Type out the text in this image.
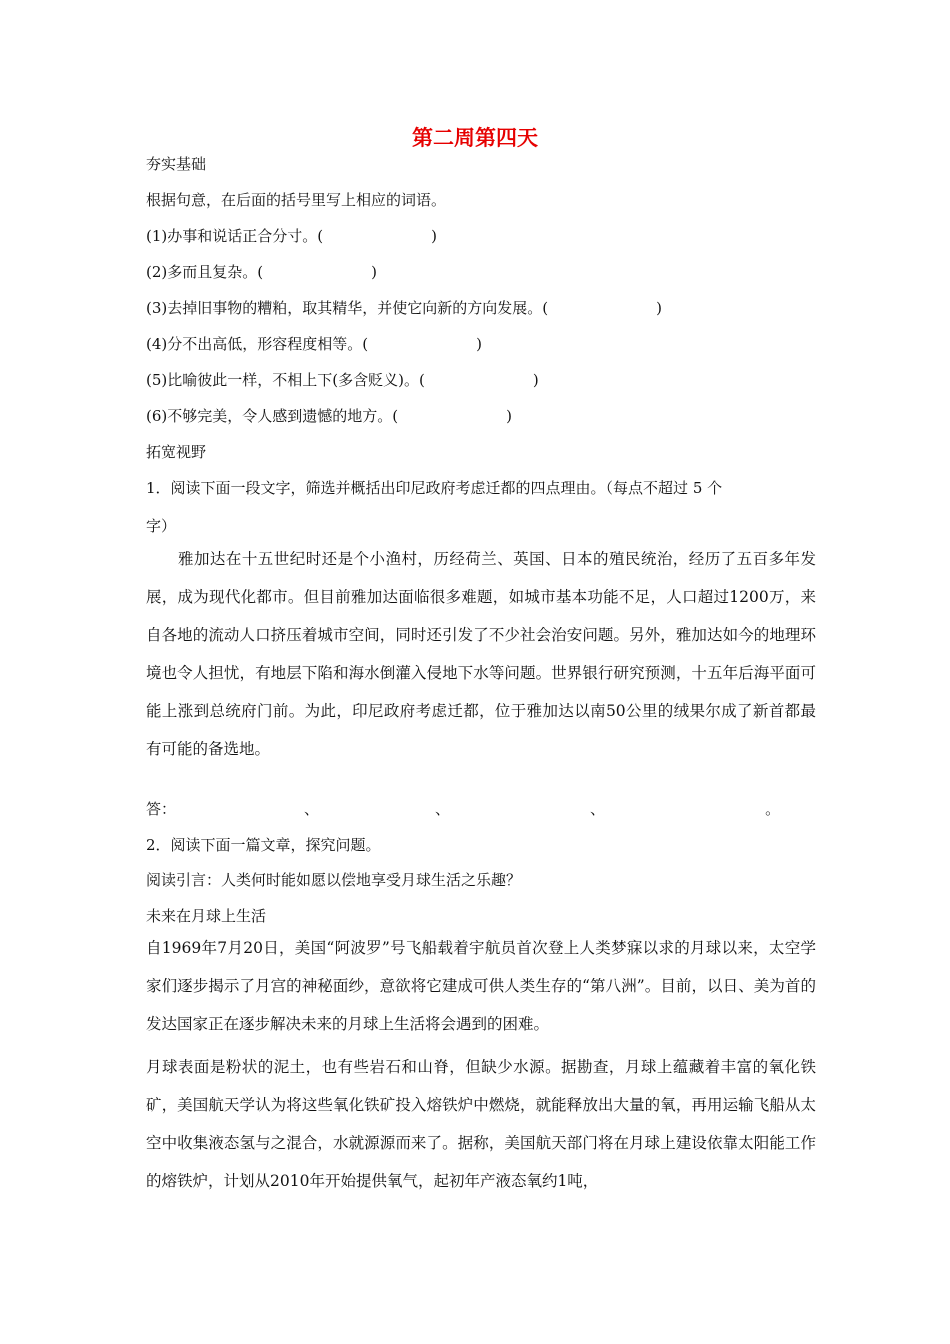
第二周第四天
夯实基础
根据句意，在后面的括号里写上相应的词语。
(1)办事和说话正合分寸。(	)
(2)多而且复杂。(	)
(3)去掉旧事物的糟粕，取其精华，并使它向新的方向发展。(	)
(4)分不出高低，形容程度相等。(	)
(5)比喻彼此一样，不相上下(多含贬义)。(	)
(6)不够完美，令人感到遗憾的地方。(	)
拓宽视野
1．阅读下面一段文字，筛选并概括出印尼政府考虑迁都的四点理由。（每点不超过 5 个
字）
雅加达在十五世纪时还是个小渔村，历经荷兰、英国、日本的殖民统治，经历了五百多年发展，成为现代化都市。但目前雅加达面临很多难题，如城市基本功能不足，人口超过1200万，来自各地的流动人口挤压着城市空间，同时还引发了不少社会治安问题。另外，雅加达如今的地理环境也令人担忧，有地层下陷和海水倒灌入侵地下水等问题。世界银行研究预测，十五年后海平面可能上涨到总统府门前。为此，印尼政府考虑迁都，位于雅加达以南50公里的绒果尔成了新首都最有可能的备选地。
答：	、	、	、	。
2．阅读下面一篇文章，探究问题。
阅读引言：人类何时能如愿以偿地享受月球生活之乐趣？
未来在月球上生活
自1969年7月20日，美国“阿波罗”号飞船载着宇航员首次登上人类梦寐以求的月球以来，太空学家们逐步揭示了月宫的神秘面纱，意欲将它建成可供人类生存的“第八洲”。目前，以日、美为首的发达国家正在逐步解决未来的月球上生活将会遇到的困难。
月球表面是粉状的泥土，也有些岩石和山脊，但缺少水源。据勘查，月球上蕴藏着丰富的氧化铁矿，美国航天学认为将这些氧化铁矿投入熔铁炉中燃烧，就能释放出大量的氧，再用运输飞船从太空中收集液态氢与之混合，水就源源而来了。据称，美国航天部门将在月球上建设依靠太阳能工作的熔铁炉，计划从2010年开始提供氧气，起初年产液态氧约1吨，
